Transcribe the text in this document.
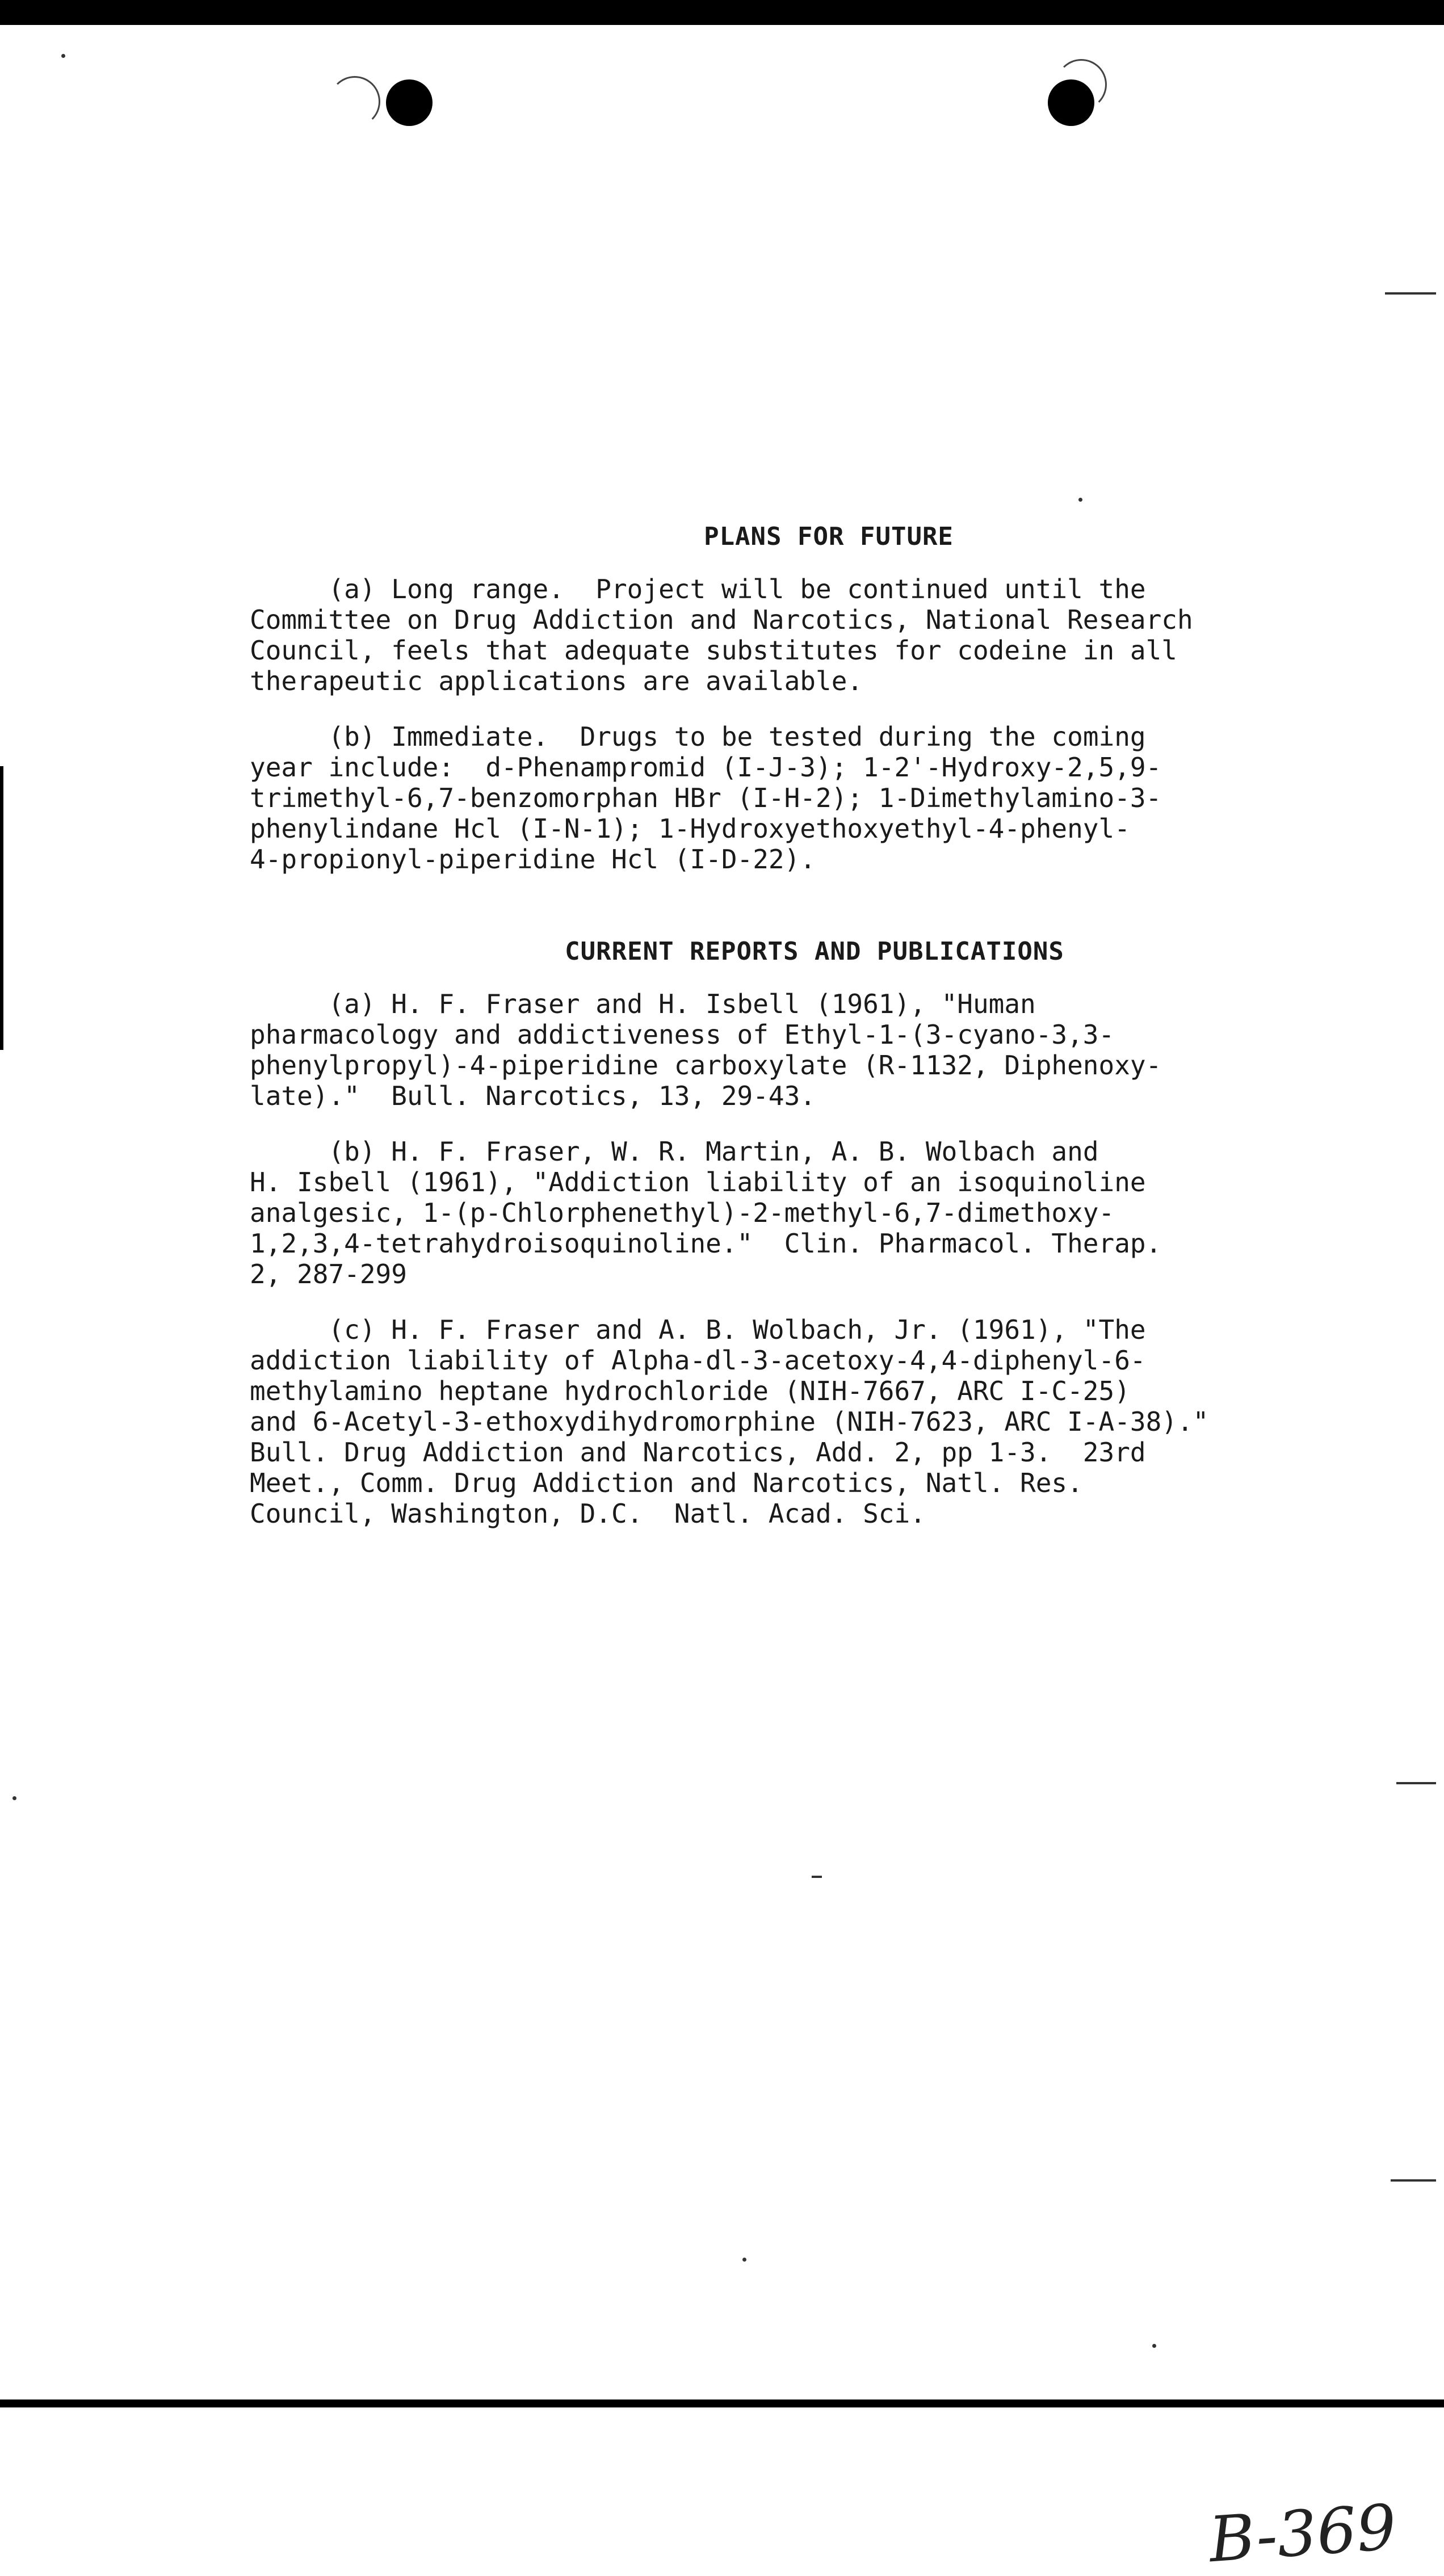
PLANS FOR FUTURE

(a) Long range.  Project will be continued until the
Committee on Drug Addiction and Narcotics, National Research
Council, feels that adequate substitutes for codeine in all
therapeutic applications are available.

(b) Immediate.  Drugs to be tested during the coming
year include:  d-Phenampromid (I-J-3); 1-2'-Hydroxy-2,5,9-
trimethyl-6,7-benzomorphan HBr (I-H-2); 1-Dimethylamino-3-
phenylindane Hcl (I-N-1); 1-Hydroxyethoxyethyl-4-phenyl-
4-propionyl-piperidine Hcl (I-D-22).

CURRENT REPORTS AND PUBLICATIONS

(a) H. F. Fraser and H. Isbell (1961), "Human
pharmacology and addictiveness of Ethyl-1-(3-cyano-3,3-
phenylpropyl)-4-piperidine carboxylate (R-1132, Diphenoxy-
late)."  Bull. Narcotics, 13, 29-43.

(b) H. F. Fraser, W. R. Martin, A. B. Wolbach and
H. Isbell (1961), "Addiction liability of an isoquinoline
analgesic, 1-(p-Chlorphenethyl)-2-methyl-6,7-dimethoxy-
1,2,3,4-tetrahydroisoquinoline."  Clin. Pharmacol. Therap.
2, 287-299

(c) H. F. Fraser and A. B. Wolbach, Jr. (1961), "The
addiction liability of Alpha-dl-3-acetoxy-4,4-diphenyl-6-
methylamino heptane hydrochloride (NIH-7667, ARC I-C-25)
and 6-Acetyl-3-ethoxydihydromorphine (NIH-7623, ARC I-A-38)."
Bull. Drug Addiction and Narcotics, Add. 2, pp 1-3.  23rd
Meet., Comm. Drug Addiction and Narcotics, Natl. Res.
Council, Washington, D.C.  Natl. Acad. Sci.

B-369
